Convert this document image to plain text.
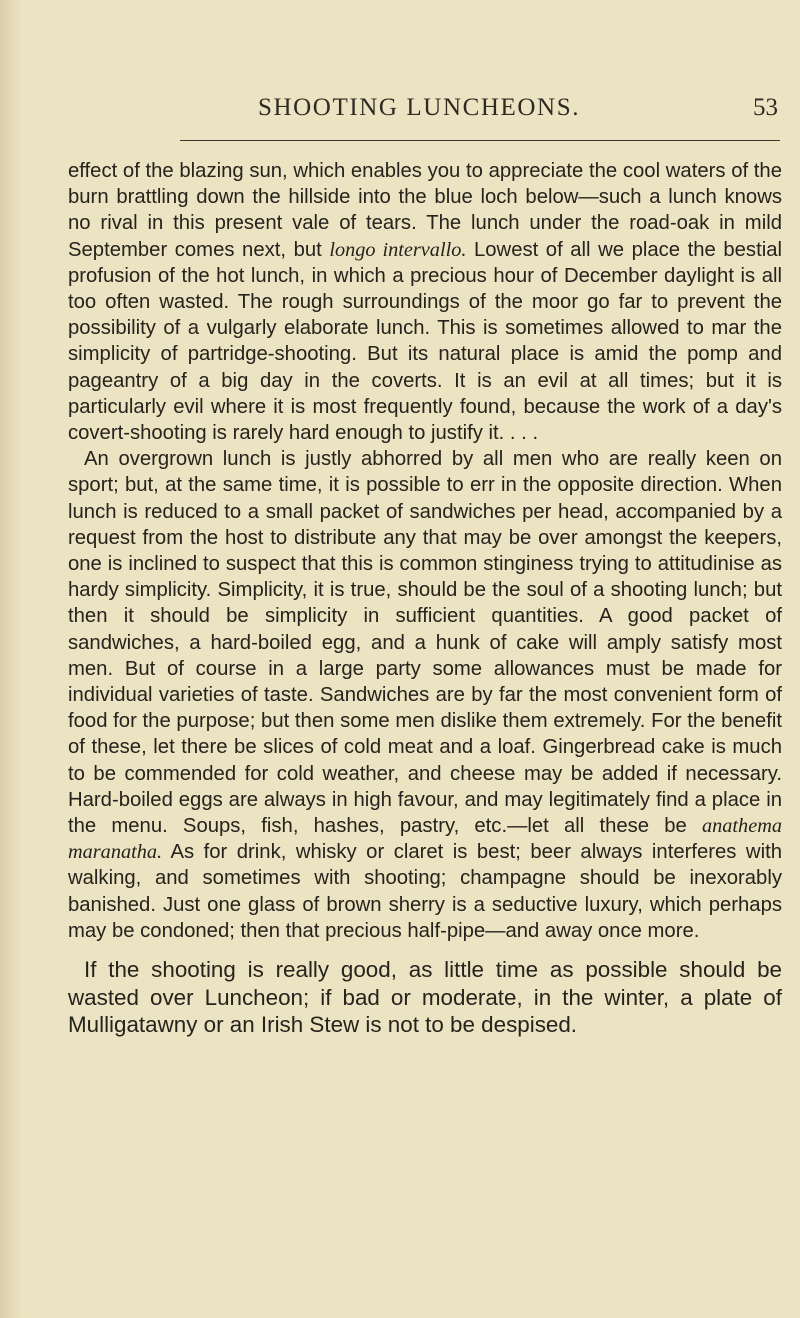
SHOOTING LUNCHEONS.	53

effect of the blazing sun, which enables you to appreciate the cool waters of the burn brattling down the hillside into the blue loch below—such a lunch knows no rival in this present vale of tears. The lunch under the road-oak in mild September comes next, but longo intervallo. Lowest of all we place the bestial profusion of the hot lunch, in which a precious hour of December daylight is all too often wasted. The rough surroundings of the moor go far to prevent the possibility of a vulgarly elaborate lunch. This is sometimes allowed to mar the simplicity of partridge-shooting. But its natural place is amid the pomp and pageantry of a big day in the coverts. It is an evil at all times; but it is particularly evil where it is most frequently found, because the work of a day's covert-shooting is rarely hard enough to justify it. . . .

An overgrown lunch is justly abhorred by all men who are really keen on sport; but, at the same time, it is possible to err in the opposite direction. When lunch is reduced to a small packet of sandwiches per head, accompanied by a request from the host to distribute any that may be over amongst the keepers, one is inclined to suspect that this is common stinginess trying to attitudinise as hardy simplicity. Simplicity, it is true, should be the soul of a shooting lunch; but then it should be simplicity in sufficient quantities. A good packet of sandwiches, a hard-boiled egg, and a hunk of cake will amply satisfy most men. But of course in a large party some allowances must be made for individual varieties of taste. Sandwiches are by far the most convenient form of food for the purpose; but then some men dislike them extremely. For the benefit of these, let there be slices of cold meat and a loaf. Gingerbread cake is much to be commended for cold weather, and cheese may be added if necessary. Hard-boiled eggs are always in high favour, and may legitimately find a place in the menu. Soups, fish, hashes, pastry, etc.—let all these be anathema maranatha. As for drink, whisky or claret is best; beer always interferes with walking, and sometimes with shooting; champagne should be inexorably banished. Just one glass of brown sherry is a seductive luxury, which perhaps may be condoned; then that precious half-pipe—and away once more.

If the shooting is really good, as little time as possible should be wasted over Luncheon; if bad or moderate, in the winter, a plate of Mulligatawny or an Irish Stew is not to be despised.
